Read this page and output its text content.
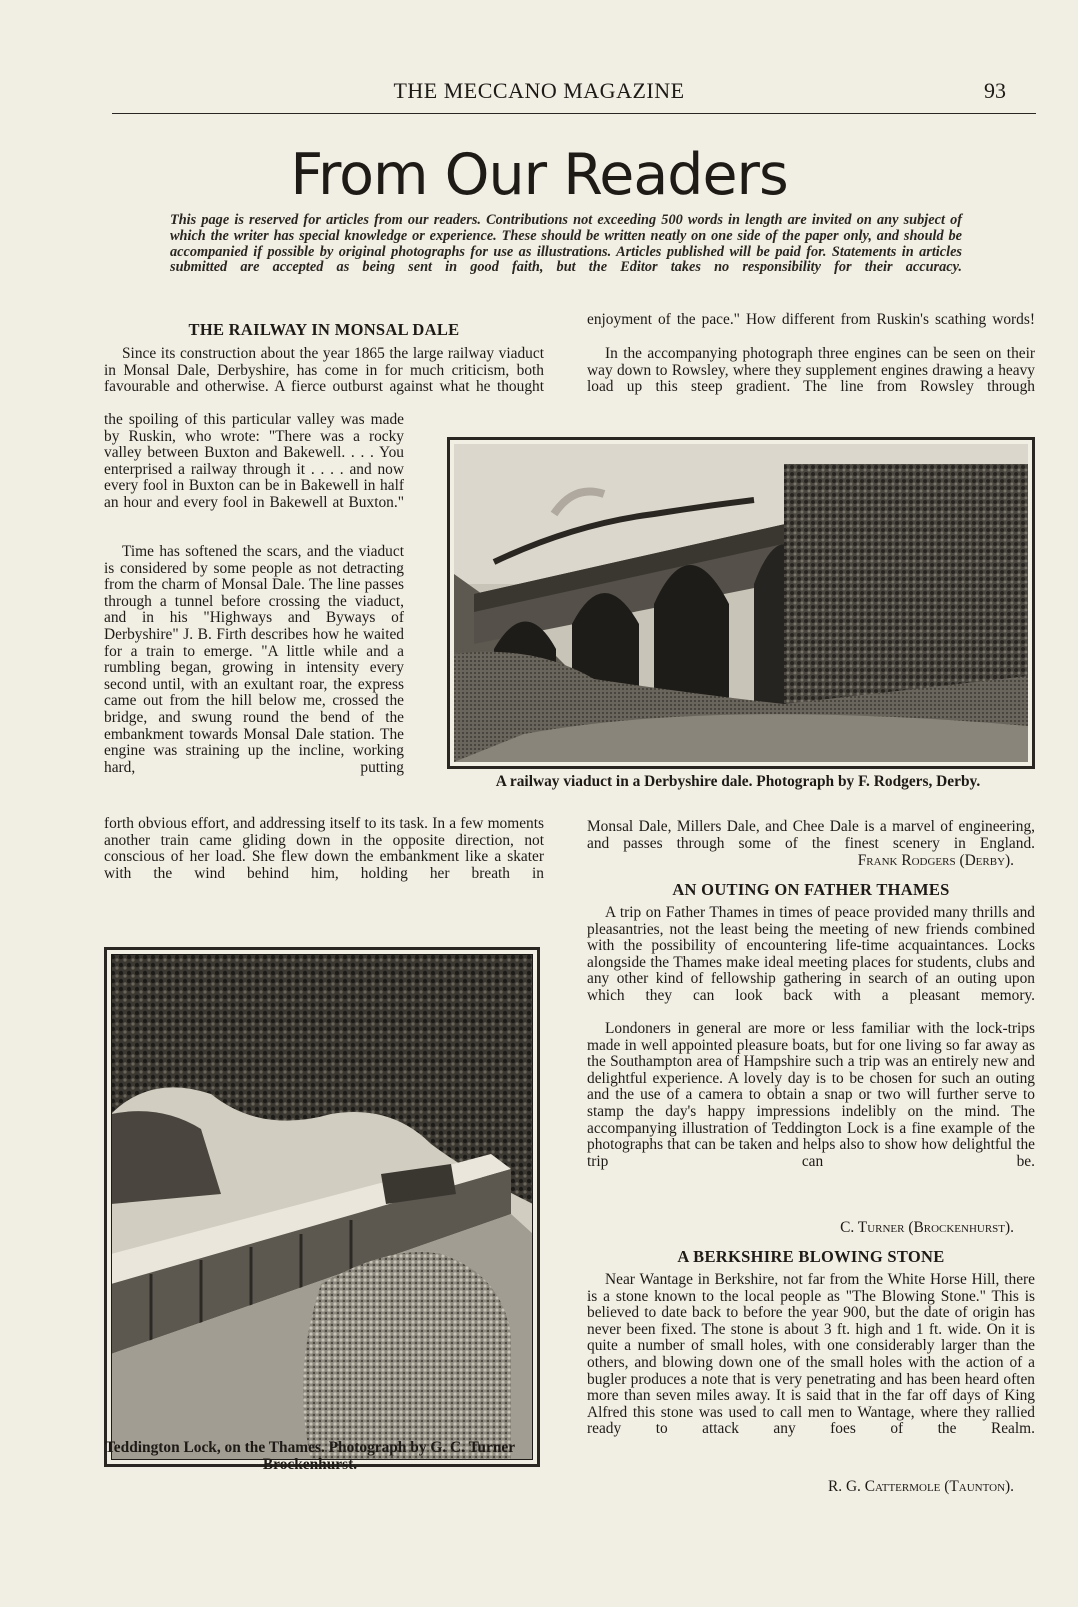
THE MECCANO MAGAZINE	93
From Our Readers
This page is reserved for articles from our readers. Contributions not exceeding 500 words in length are invited on any subject of which the writer has special knowledge or experience. These should be written neatly on one side of the paper only, and should be accompanied if possible by original photographs for use as illustrations. Articles published will be paid for. Statements in articles submitted are accepted as being sent in good faith, but the Editor takes no responsibility for their accuracy.
THE RAILWAY IN MONSAL DALE
Since its construction about the year 1865 the large railway viaduct in Monsal Dale, Derbyshire, has come in for much criticism, both favourable and otherwise. A fierce outburst against what he thought
the spoiling of this particular valley was made by Ruskin, who wrote: "There was a rocky valley between Buxton and Bakewell. . . . You enterprised a railway through it . . . . and now every fool in Buxton can be in Bakewell in half an hour and every fool in Bakewell at Buxton."
Time has softened the scars, and the viaduct is considered by some people as not detracting from the charm of Monsal Dale. The line passes through a tunnel before crossing the viaduct, and in his "Highways and Byways of Derbyshire" J. B. Firth describes how he waited for a train to emerge. "A little while and a rumbling began, growing in intensity every second until, with an exultant roar, the express came out from the hill below me, crossed the bridge, and swung round the bend of the embankment towards Monsal Dale station. The engine was straining up the incline, working hard, putting
forth obvious effort, and addressing itself to its task. In a few moments another train came gliding down in the opposite direction, not conscious of her load. She flew down the embankment like a skater with the wind behind him, holding her breath in
enjoyment of the pace." How different from Ruskin's scathing words!
In the accompanying photograph three engines can be seen on their way down to Rowsley, where they supplement engines drawing a heavy load up this steep gradient. The line from Rowsley through
A railway viaduct in a Derbyshire dale. Photograph by F. Rodgers, Derby.
Monsal Dale, Millers Dale, and Chee Dale is a marvel of engineering, and passes through some of the finest scenery in England.
Frank Rodgers (Derby).
AN OUTING ON FATHER THAMES
A trip on Father Thames in times of peace provided many thrills and pleasantries, not the least being the meeting of new friends combined with the possibility of encountering life-time acquaintances. Locks alongside the Thames make ideal meeting places for students, clubs and any other kind of fellowship gathering in search of an outing upon which they can look back with a pleasant memory.
Londoners in general are more or less familiar with the lock-trips made in well appointed pleasure boats, but for one living so far away as the Southampton area of Hampshire such a trip was an entirely new and delightful experience. A lovely day is to be chosen for such an outing and the use of a camera to obtain a snap or two will further serve to stamp the day's happy impressions indelibly on the mind. The accompanying illustration of Teddington Lock is a fine example of the photographs that can be taken and helps also to show how delightful the trip can be.
C. Turner (Brockenhurst).
A BERKSHIRE BLOWING STONE
Near Wantage in Berkshire, not far from the White Horse Hill, there is a stone known to the local people as "The Blowing Stone." This is believed to date back to before the year 900, but the date of origin has never been fixed. The stone is about 3 ft. high and 1 ft. wide. On it is quite a number of small holes, with one considerably larger than the others, and blowing down one of the small holes with the action of a bugler produces a note that is very penetrating and has been heard often more than seven miles away. It is said that in the far off days of King Alfred this stone was used to call men to Wantage, where they rallied ready to attack any foes of the Realm.
R. G. Cattermole (Taunton).
Teddington Lock, on the Thames. Photograph by G. C. Turner Brockenhurst.
